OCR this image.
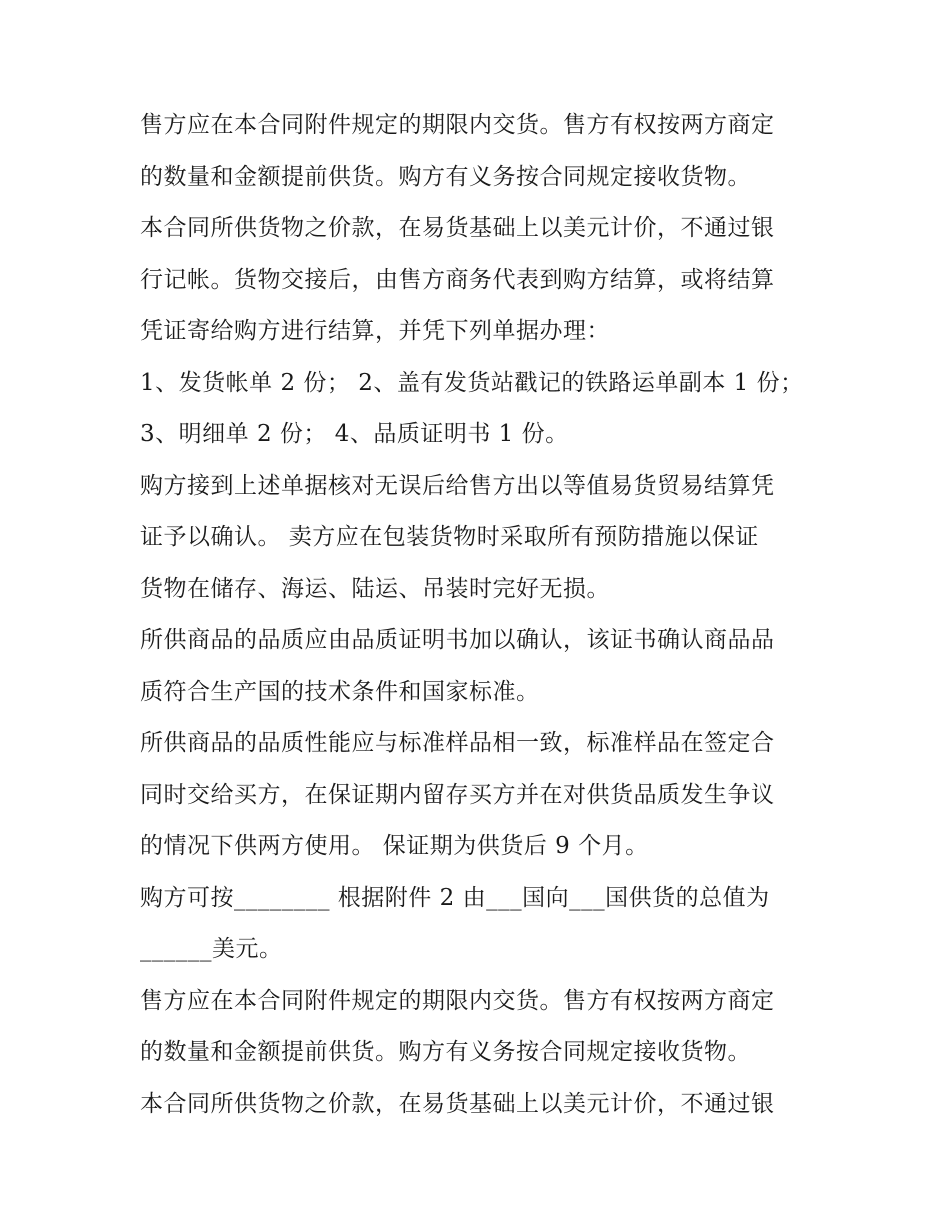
售方应在本合同附件规定的期限内交货。售方有权按两方商定
的数量和金额提前供货。购方有义务按合同规定接收货物。
本合同所供货物之价款，在易货基础上以美元计价，不通过银
行记帐。货物交接后，由售方商务代表到购方结算，或将结算
凭证寄给购方进行结算，并凭下列单据办理：
1、发货帐单 2 份； 2、盖有发货站戳记的铁路运单副本 1 份；
3、明细单 2 份； 4、品质证明书 1 份。
购方接到上述单据核对无误后给售方出以等值易货贸易结算凭
证予以确认。 卖方应在包装货物时采取所有预防措施以保证
货物在储存、海运、陆运、吊装时完好无损。
所供商品的品质应由品质证明书加以确认，该证书确认商品品
质符合生产国的技术条件和国家标准。
所供商品的品质性能应与标准样品相一致，标准样品在签定合
同时交给买方，在保证期内留存买方并在对供货品质发生争议
的情况下供两方使用。 保证期为供货后 9 个月。
购方可按________ 根据附件 2 由___国向___国供货的总值为
______美元。
售方应在本合同附件规定的期限内交货。售方有权按两方商定
的数量和金额提前供货。购方有义务按合同规定接收货物。
本合同所供货物之价款，在易货基础上以美元计价，不通过银
